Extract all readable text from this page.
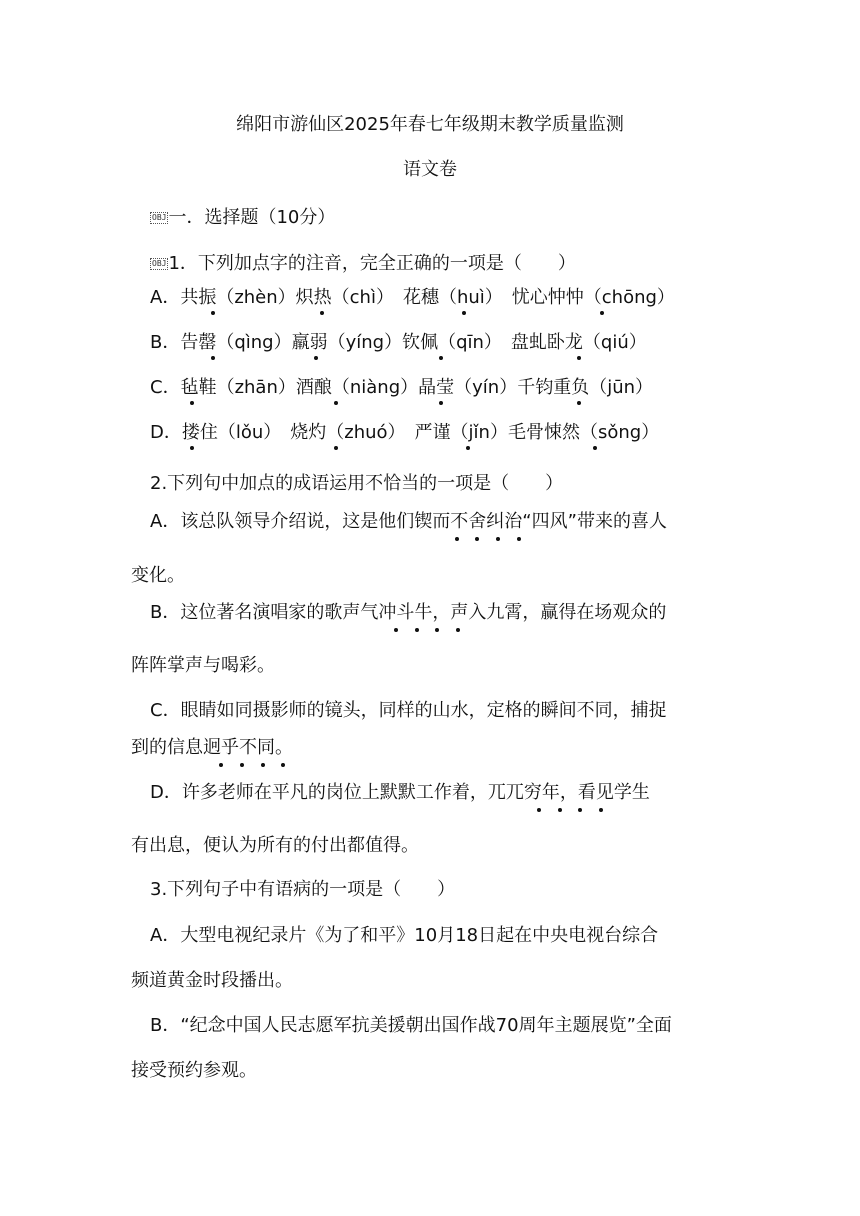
绵阳市游仙区2025年春七年级期末教学质量监测
语文卷
OBJ 一．选择题（10分）
OBJ 1．下列加点字的注音，完全正确的一项是（　　）
A．共振（zhèn）炽热（chì）　花穗（huì）　忧心忡忡（chōng）
B．告罄（qìng）羸弱（yíng）钦佩（qīn）　盘虬卧龙（qiú）
C．毡鞋（zhān）酒酿（niàng）晶莹（yín）千钧重负（jūn）
D．搂住（lǒu）　烧灼（zhuó）　严谨（jǐn）毛骨悚然（sǒng）
2.下列句中加点的成语运用不恰当的一项是（　　）
A．该总队领导介绍说，这是他们锲而不舍纠治“四风”带来的喜人
变化。
B．这位著名演唱家的歌声气冲斗牛，声入九霄，赢得在场观众的
阵阵掌声与喝彩。
C．眼睛如同摄影师的镜头，同样的山水，定格的瞬间不同，捕捉
到的信息迥乎不同。
D．许多老师在平凡的岗位上默默工作着，兀兀穷年，看见学生
有出息，便认为所有的付出都值得。
3.下列句子中有语病的一项是（　　）
A．大型电视纪录片《为了和平》10月18日起在中央电视台综合
频道黄金时段播出。
B．“纪念中国人民志愿军抗美援朝出国作战70周年主题展览”全面
接受预约参观。
